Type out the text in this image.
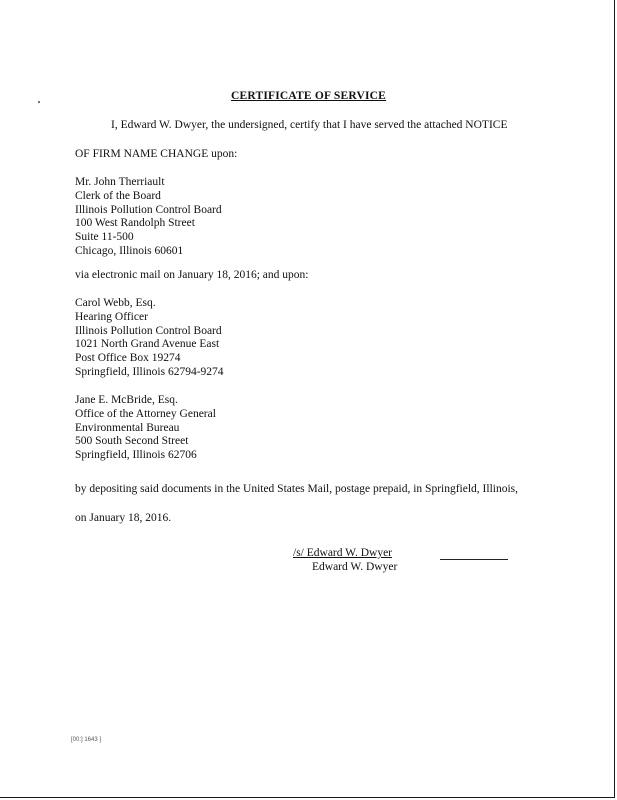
CERTIFICATE OF SERVICE
I, Edward W. Dwyer, the undersigned, certify that I have served the attached NOTICE
OF FIRM NAME CHANGE upon:
Mr. John Therriault
Clerk of the Board
Illinois Pollution Control Board
100 West Randolph Street
Suite 11-500
Chicago, Illinois 60601
via electronic mail on January 18, 2016; and upon:
Carol Webb, Esq.
Hearing Officer
Illinois Pollution Control Board
1021 North Grand Avenue East
Post Office Box 19274
Springfield, Illinois 62794-9274
Jane E. McBride, Esq.
Office of the Attorney General
Environmental Bureau
500 South Second Street
Springfield, Illinois 62706
by depositing said documents in the United States Mail, postage prepaid, in Springfield, Illinois,
on January 18, 2016.
/s/ Edward W. Dwyer
Edward W. Dwyer
[00:] 1643 ]
